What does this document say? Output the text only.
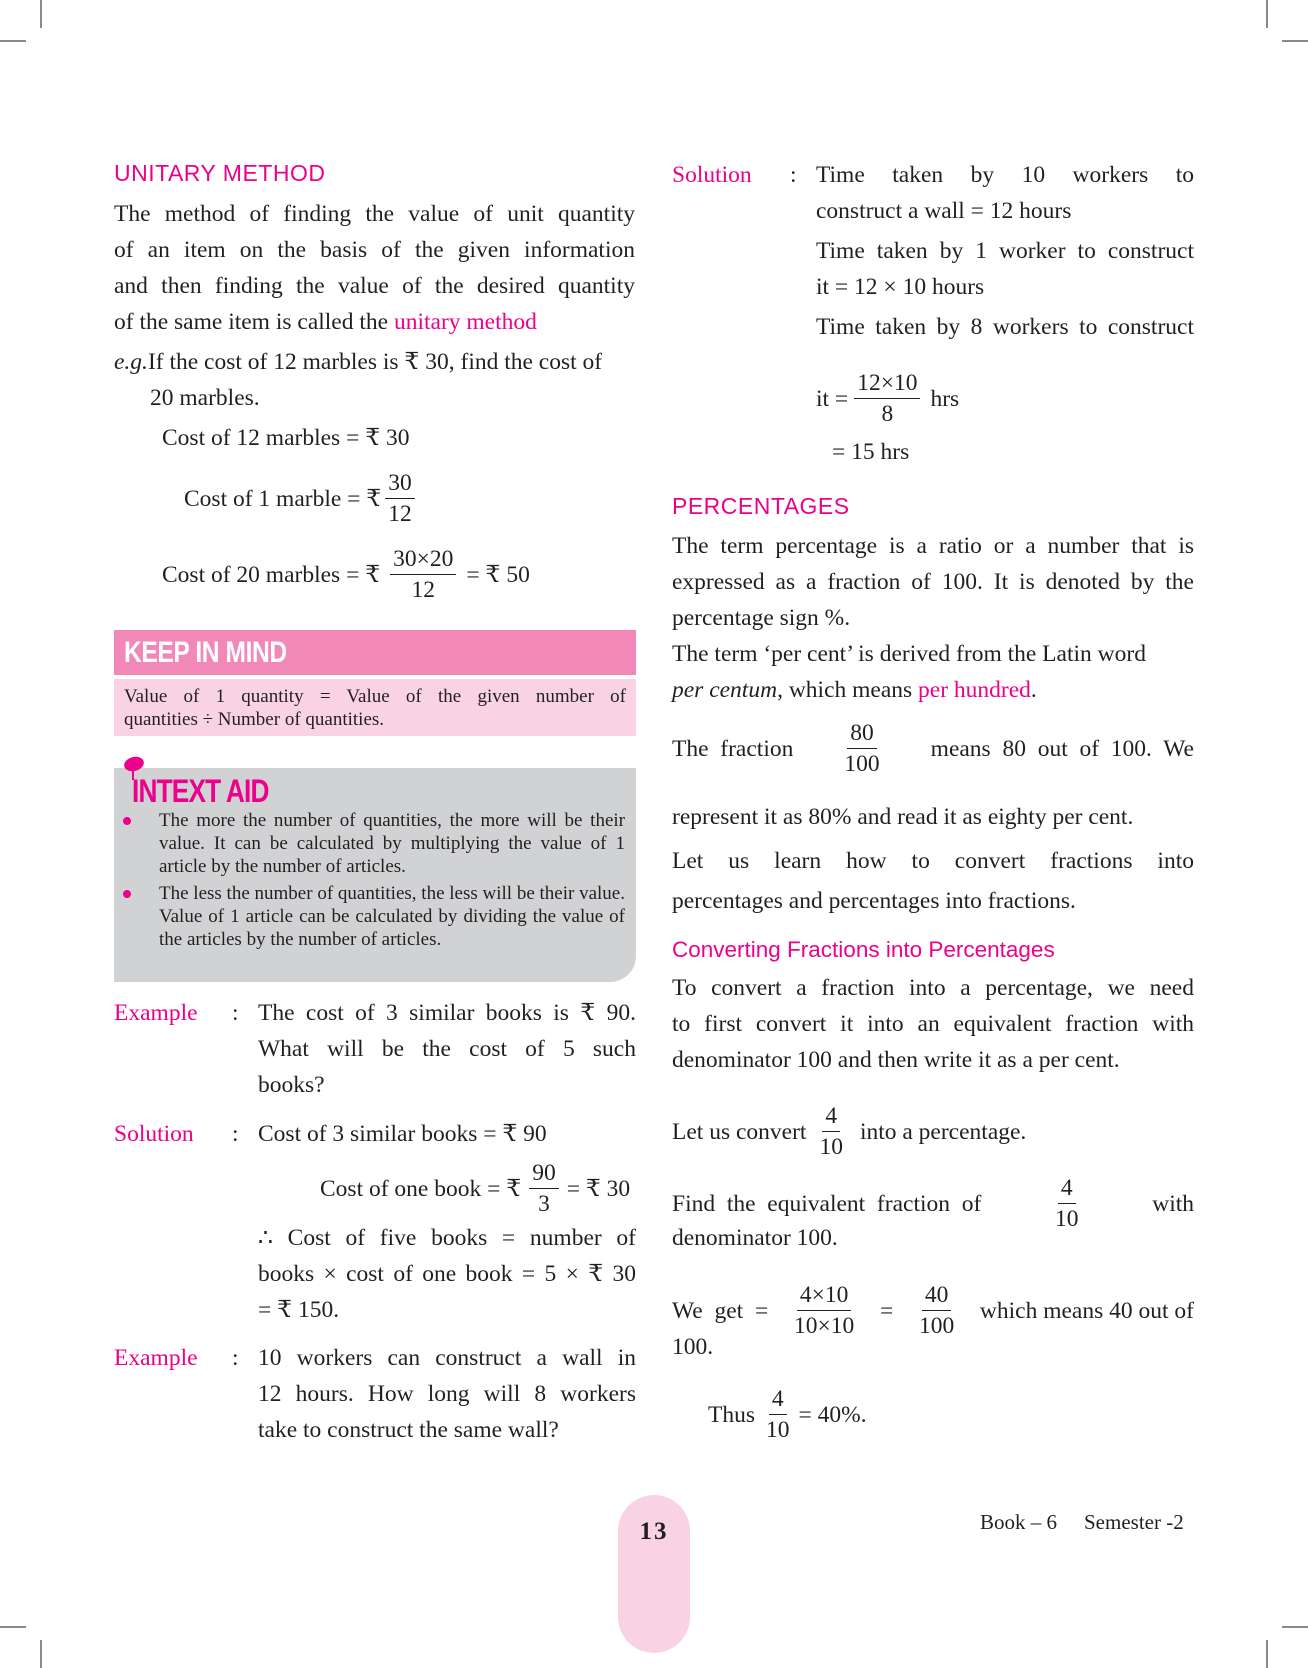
UNITARY METHOD
The method of finding the value of unit quantity
of an item on the basis of the given information
and then finding the value of the desired quantity
of the same item is called the unitary method
e.g.If the cost of 12 marbles is ₹ 30, find the cost of
20 marbles.
Cost of 12 marbles = ₹ 30
Cost of 1 marble = ₹ $\frac{30}{12}$
Cost of 20 marbles = ₹ $\frac{30\times 20}{12}$ = ₹ 50
KEEP IN MIND
Value of 1 quantity = Value of the given number of
quantities ÷ Number of quantities.
INTEXT AID
The more the number of quantities, the more will be their value. It can be calculated by multiplying the value of 1 article by the number of articles.
The less the number of quantities, the less will be their value. Value of 1 article can be calculated by dividing the value of the articles by the number of articles.
Example : The cost of 3 similar books is ₹ 90.
What will be the cost of 5 such
books?
Solution : Cost of 3 similar books = ₹ 90
Cost of one book = ₹ $\frac{90}{3}$ = ₹ 30
∴ Cost of five books = number of
books × cost of one book = 5 × ₹ 30
= ₹ 150.
Example : 10 workers can construct a wall in
12 hours. How long will 8 workers
take to construct the same wall?
Solution : Time taken by 10 workers to
construct a wall = 12 hours
Time taken by 1 worker to construct
it = 12 × 10 hours
Time taken by 8 workers to construct
it = $\frac{12\times 10}{8}$ hrs
= 15 hrs
PERCENTAGES
The term percentage is a ratio or a number that is
expressed as a fraction of 100. It is denoted by the
percentage sign %.
The term ‘per cent’ is derived from the Latin word
per centum, which means per hundred.
The  fraction $\frac{80}{100}$ means  80  out  of  100.  We
represent it as 80% and read it as eighty per cent.
Let  us  learn  how  to  convert  fractions  into
percentages and percentages into fractions.
Converting Fractions into Percentages
To convert a fraction into a percentage, we need
to first convert it into an equivalent fraction with
denominator 100 and then write it as a per cent.
Let us convert $\frac{4}{10}$ into a percentage.
Find  the  equivalent  fraction  of	$\frac{4}{10}$	with
denominator 100.
We  get  = $\frac{4\times 10}{10\times 10} = \frac{40}{100}$ which means 40 out of
100.
Thus $\frac{4}{10} = 40\%$.
13	Book – 6 Semester -2
